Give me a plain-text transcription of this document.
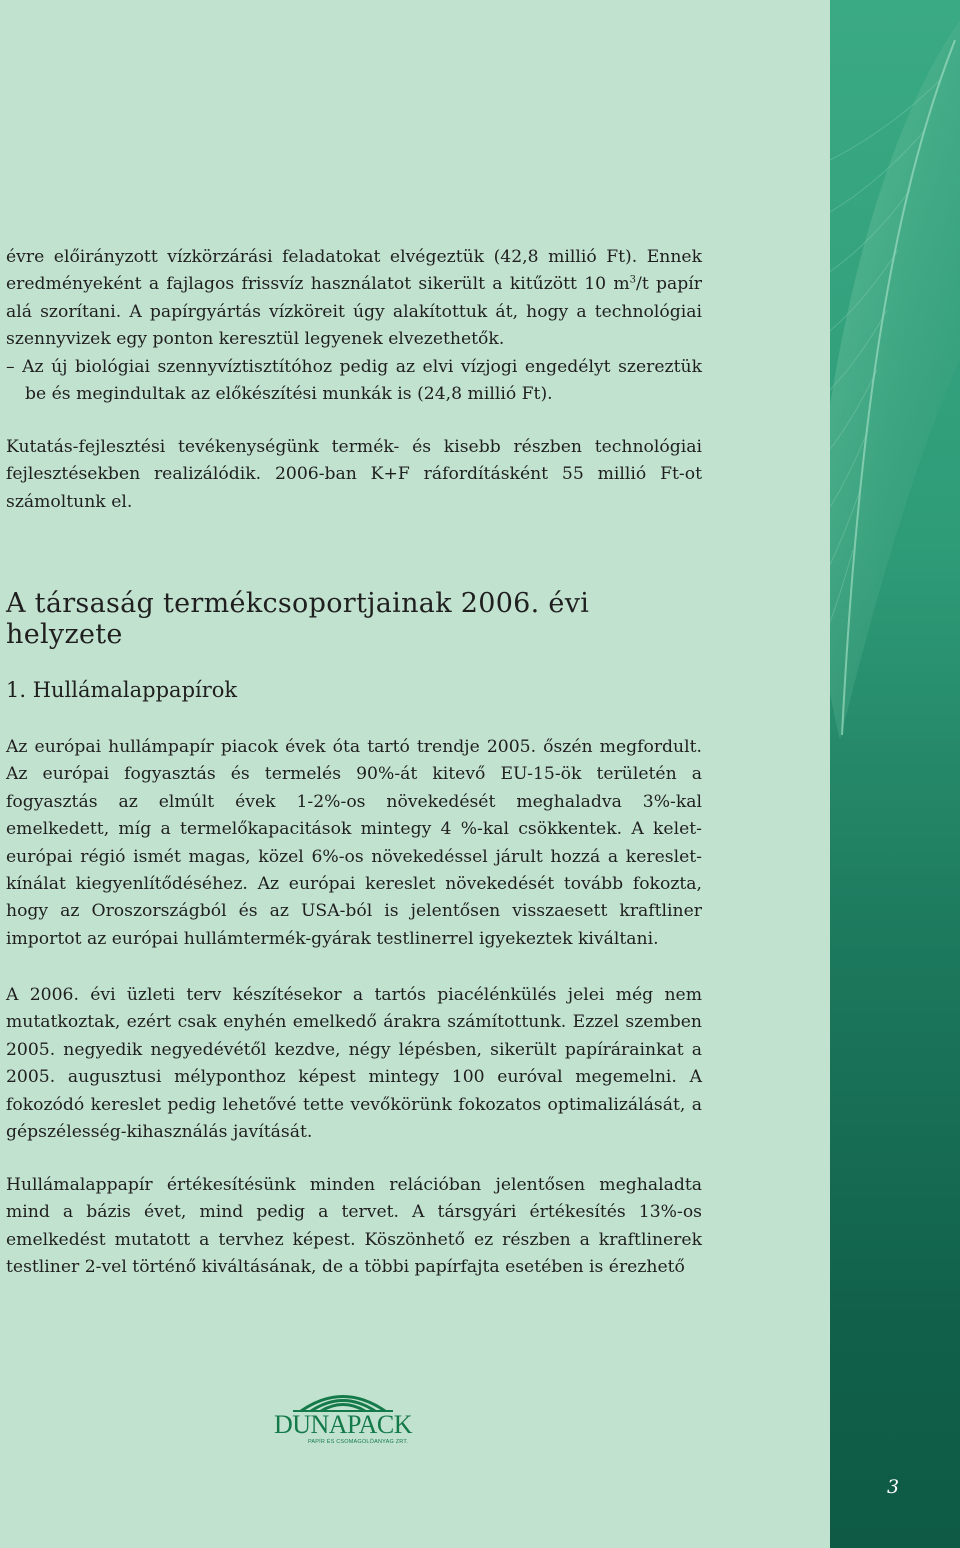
évre előirányzott vízkörzárási feladatokat elvégeztük (42,8 millió Ft). Ennek eredményeként a fajlagos frissvíz használatot sikerült a kitűzött 10 $m^3/t$ papír alá szorítani. A papírgyártás vízköreit úgy alakítottuk át, hogy a technológiai szennyvizek egy ponton keresztül legyenek elvezethetők.

– Az új biológiai szennyvíztisztítóhoz pedig az elvi vízjogi engedélyt szereztük be és megindultak az előkészítési munkák is (24,8 millió Ft).

Kutatás-fejlesztési tevékenységünk termék- és kisebb részben technológiai fejlesztésekben realizálódik. 2006-ban K+F ráfordításként 55 millió Ft-ot számoltunk el.

A társaság termékcsoportjainak 2006. évi helyzete
1. Hullámalappapírok

Az európai hullámpapír piacok évek óta tartó trendje 2005. őszén megfordult. Az európai fogyasztás és termelés 90%-át kitevő EU-15-ök területén a fogyasztás az elmúlt évek 1-2%-os növekedését meghaladva 3%-kal emelkedett, míg a termelőkapacitások mintegy 4 %-kal csökkentek. A kelet-európai régió ismét magas, közel 6%-os növekedéssel járult hozzá a kereslet-kínálat kiegyenlítődéséhez. Az európai kereslet növekedését tovább fokozta, hogy az Oroszországból és az USA-ból is jelentősen visszaesett kraftliner importot az európai hullámtermék-gyárak testlinerrel igyekeztek kiváltani.

A 2006. évi üzleti terv készítésekor a tartós piacélénkülés jelei még nem mutatkoztak, ezért csak enyhén emelkedő árakra számítottunk. Ezzel szemben 2005. negyedik negyedévétől kezdve, négy lépésben, sikerült papírárainkat a 2005. augusztusi mélyponthoz képest mintegy 100 euróval megemelni. A fokozódó kereslet pedig lehetővé tette vevőkörünk fokozatos optimalizálását, a gépszélesség-kihasználás javítását.

Hullámalappapír értékesítésünk minden relációban jelentősen meghaladta mind a bázis évet, mind pedig a tervet. A társgyári értékesítés 13%-os emelkedést mutatott a tervhez képest. Köszönhető ez részben a kraftlinerek testliner 2-vel történő kiváltásának, de a többi papírfajta esetében is érezhető

DUNAPACK
PAPÍR ÉS CSOMAGOLÓANYAG ZRT.
3
